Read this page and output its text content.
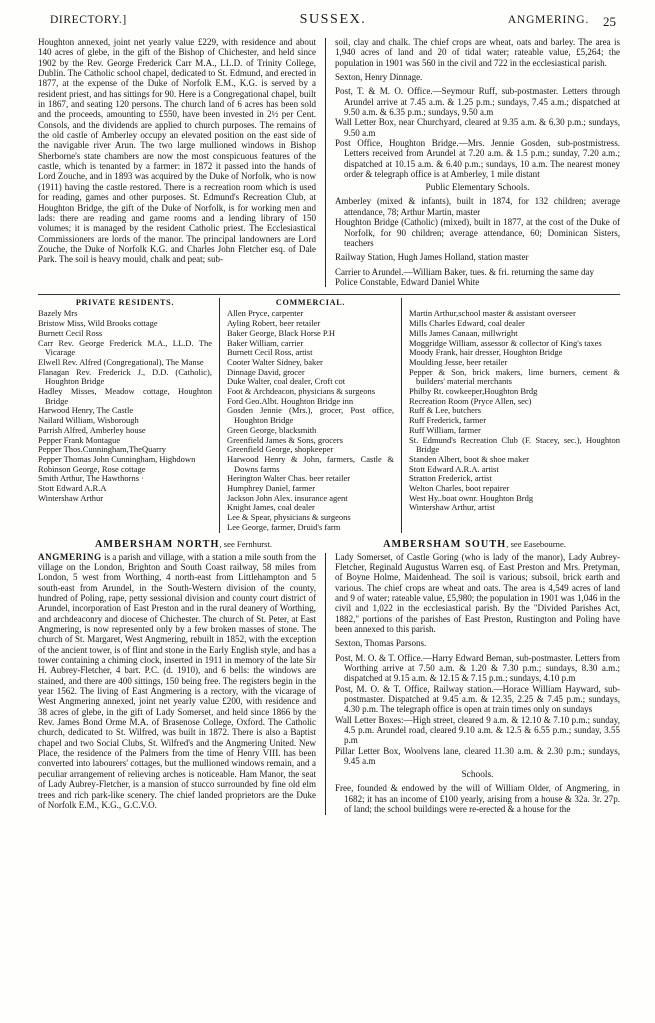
DIRECTORY.]	SUSSEX.	ANGMERING. 25

Houghton annexed, joint net yearly value £229, with residence and about 140 acres of glebe, in the gift of the Bishop of Chichester, and held since 1902 by the Rev. George Frederick Carr M.A., LL.D. of Trinity College, Dublin. The Catholic school chapel, dedicated to St. Edmund, and erected in 1877, at the expense of the Duke of Norfolk E.M., K.G. is served by a resident priest, and has sittings for 90. Here is a Congregational chapel, built in 1867, and seating 120 persons. The church land of 6 acres has been sold and the proceeds, amounting to £550, have been invested in 2½ per Cent. Consols, and the dividends are applied to church purposes. The remains of the old castle of Amberley occupy an elevated position on the east side of the navigable river Arun. The two large mullioned windows in Bishop Sherborne's state chambers are now the most conspicuous features of the castle, which is tenanted by a farmer: in 1872 it passed into the hands of Lord Zouche, and in 1893 was acquired by the Duke of Norfolk, who is now (1911) having the castle restored. There is a recreation room which is used for reading, games and other purposes. St. Edmund's Recreation Club, at Houghton Bridge, the gift of the Duke of Norfolk, is for working men and lads: there are reading and game rooms and a lending library of 150 volumes; it is managed by the resident Catholic priest. The Ecclesiastical Commissioners are lords of the manor. The principal landowners are Lord Zouche, the Duke of Norfolk K.G. and Charles John Fletcher esq. of Dale Park. The soil is heavy mould, chalk and peat; sub-

soil, clay and chalk. The chief crops are wheat, oats and barley. The area is 1,940 acres of land and 20 of tidal water; rateable value, £5,264; the population in 1901 was 560 in the civil and 722 in the ecclesiastical parish.

Sexton, Henry Dinnage.

Post, T. & M. O. Office.—Seymour Ruff, sub-postmaster. Letters through Arundel arrive at 7.45 a.m. & 1.25 p.m.; sundays, 7.45 a.m.; dispatched at 9.50 a.m. & 6.35 p.m.; sundays, 9.50 a.m

Wall Letter Box, near Churchyard, cleared at 9.35 a.m. & 6.30 p.m.; sundays, 9.50 a.m

Post Office, Houghton Bridge.—Mrs. Jennie Gosden, sub-postmistress. Letters received from Arundel at 7.20 a.m. & 1.5 p.m.; sunday, 7.20 a.m.; dispatched at 10.15 a.m. & 6.40 p.m.; sundays, 10 a.m. The nearest money order & telegraph office is at Amberley, 1 mile distant

Public Elementary Schools.

Amberley (mixed & infants), built in 1874, for 132 children; average attendance, 78; Arthur Martin, master

Houghton Bridge (Catholic) (mixed), built in 1877, at the cost of the Duke of Norfolk, for 90 children; average attendance, 60; Dominican Sisters, teachers

Railway Station, Hugh James Holland, station master

Carrier to Arundel.—William Baker, tues. & fri. returning the same day

Police Constable, Edward Daniel White

PRIVATE RESIDENTS.

Bazely Mrs

Bristow Miss, Wild Brooks cottage

Burnett Cecil Ross

Carr Rev. George Frederick M.A., LL.D. The Vicarage

Elwell Rev. Alfred (Congregational), The Manse

Flanagan Rev. Frederick J., D.D. (Catholic), Houghton Bridge

Hadley Misses, Meadow cottage, Houghton Bridge

Harwood Henry, The Castle

Nailard William, Wisborough

Parrish Alfred, Amberley house

Pepper Frank Montague

Pepper Thos.Cunningham,TheQuarry

Pepper Thomas John Cunningham, Highdown

Robinson George, Rose cottage

Smith Arthur, The Hawthorns ·

Stott Edward A.R.A

Wintershaw Arthur

COMMERCIAL.

Allen Pryce, carpenter

Ayling Robert, beer retailer

Baker George, Black Horse P.H

Baker William, carrier

Burnett Cecil Ross, artist

Cooter Walter Sidney, baker

Dinnage David, grocer

Duke Walter, coal dealer, Croft cot

Foot & Archdeacon, physicians & surgeons

Ford Geo.Albt. Houghton Bridge inn

Gosden Jennie (Mrs.), grocer, Post office, Houghton Bridge

Green George, blacksmith

Greenfield James & Sons, grocers

Greenfield George, shopkeeper

Harwood Henry & John, farmers, Castle & Downs farms

Herington Walter Chas. beer retailer

Humphrey Daniel, farmer

Jackson John Alex. insurance agent

Knight James, coal dealer

Lee & Spear, physicians & surgeons

Lee George, farmer, Druid's farm

Martin Arthur,school master & assistant overseer

Mills Charles Edward, coal dealer

Mills James Canaan, millwright

Moggridge William, assessor & collector of King's taxes

Moody Frank, hair dresser, Houghton Bridge

Moulding Jesse, beer retailer

Pepper & Son, brick makers, lime burners, cement & builders' material merchants

Philby Rt. cowkeeper,Houghton Brdg

Recreation Room (Pryce Allen, sec)

Ruff & Lee, butchers

Ruff Frederick, farmer

Ruff William, farmer

St. Edmund's Recreation Club (F. Stacey, sec.), Houghton Bridge

Standen Albert, boot & shoe maker

Stott Edward A.R.A. artist

Stratton Frederick, artist

Welton Charles, boot repairer

West Hy..boat ownr. Houghton Brdg

Wintershaw Arthur, artist

AMBERSHAM NORTH, see Fernhurst.	AMBERSHAM SOUTH, see Easebourne.

ANGMERING is a parish and village, with a station a mile south from the village on the London, Brighton and South Coast railway, 58 miles from London, 5 west from Worthing, 4 north-east from Littlehampton and 5 south-east from Arundel, in the South-Western division of the county, hundred of Poling, rape, petty sessional division and county court district of Arundel, incorporation of East Preston and in the rural deanery of Worthing, and archdeaconry and diocese of Chichester. The church of St. Peter, at East Angmering, is now represented only by a few broken masses of stone. The church of St. Margaret, West Angmering, rebuilt in 1852, with the exception of the ancient tower, is of flint and stone in the Early English style, and has a tower containing a chiming clock, inserted in 1911 in memory of the late Sir H. Aubrey-Fletcher, 4 bart. P.C. (d. 1910), and 6 bells: the windows are stained, and there are 400 sittings, 150 being free. The registers begin in the year 1562. The living of East Angmering is a rectory, with the vicarage of West Angmering annexed, joint net yearly value £200, with residence and 38 acres of glebe, in the gift of Lady Somerset, and held since 1866 by the Rev. James Bond Orme M.A. of Brasenose College, Oxford. The Catholic church, dedicated to St. Wilfred, was built in 1872. There is also a Baptist chapel and two Social Clubs, St. Wilfred's and the Angmering United. New Place, the residence of the Palmers from the time of Henry VIII. has been converted into labourers' cottages, but the mullioned windows remain, and a peculiar arrangement of relieving arches is noticeable. Ham Manor, the seat of Lady Aubrey-Fletcher, is a mansion of stucco surrounded by fine old elm trees and rich park-like scenery. The chief landed proprietors are the Duke of Norfolk E.M., K.G., G.C.V.O.

Lady Somerset, of Castle Goring (who is lady of the manor), Lady Aubrey-Fletcher, Reginald Augustus Warren esq. of East Preston and Mrs. Pretyman, of Boyne Holme, Maidenhead. The soil is various; subsoil, brick earth and various. The chief crops are wheat and oats. The area is 4,549 acres of land and 9 of water; rateable value, £5,980; the population in 1901 was 1,046 in the civil and 1,022 in the ecclesiastical parish. By the "Divided Parishes Act, 1882," portions of the parishes of East Preston, Rustington and Poling have been annexed to this parish.

Sexton, Thomas Parsons.

Post, M. O. & T. Office.—Harry Edward Beman, sub-postmaster. Letters from Worthing arrive at 7.50 a.m. & 1.20 & 7.30 p.m.; sundays, 8.30 a.m.; dispatched at 9.15 a.m. & 12.15 & 7.15 p.m.; sundays, 4.10 p.m

Post, M. O. & T. Office, Railway station.—Horace William Hayward, sub-postmaster. Dispatched at 9.45 a.m. & 12.35, 2.25 & 7.45 p.m.; sundays, 4.30 p.m. The telegraph office is open at train times only on sundays

Wall Letter Boxes:—High street, cleared 9 a.m. & 12.10 & 7.10 p.m.; sunday, 4.5 p.m. Arundel road, cleared 9.10 a.m. & 12.5 & 6.55 p.m.; sunday, 3.55 p.m

Pillar Letter Box, Woolvens lane, cleared 11.30 a.m. & 2.30 p.m.; sundays, 9.45 a.m

Schools.

Free, founded & endowed by the will of William Older, of Angmering, in 1682; it has an income of £100 yearly, arising from a house & 32a. 3r. 27p. of land; the school buildings were re-erected & a house for the
